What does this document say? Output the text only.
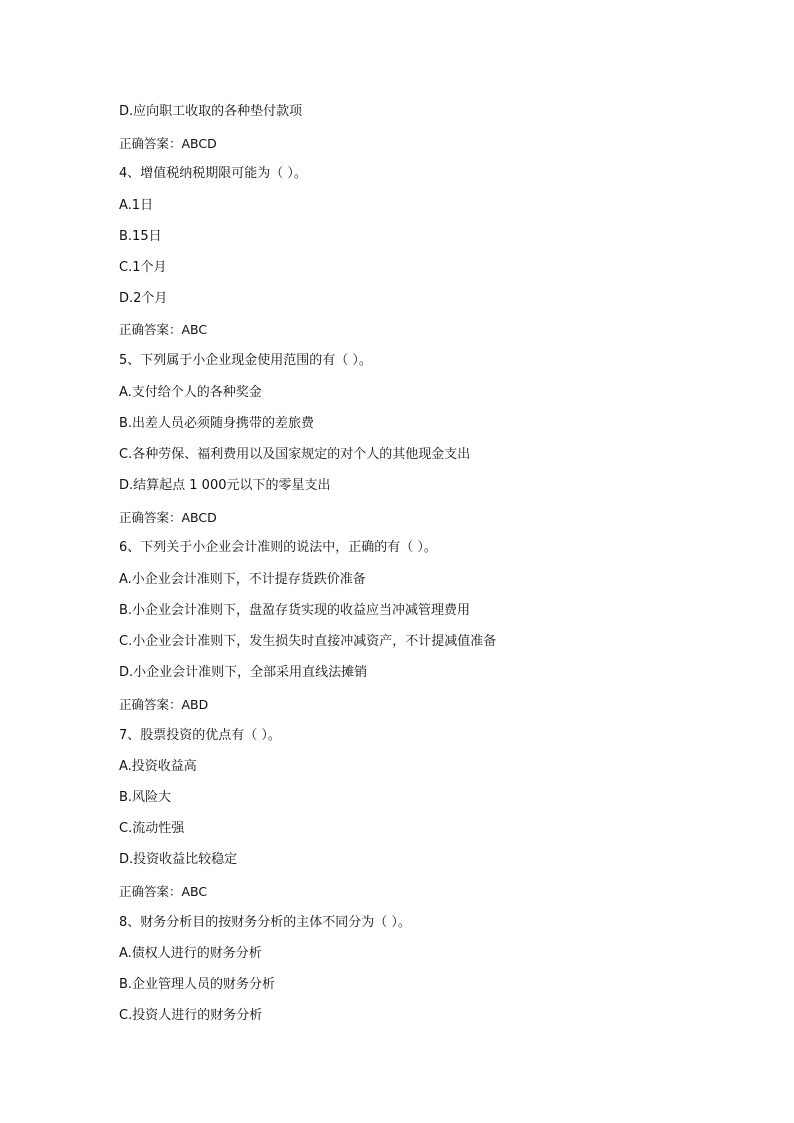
D.应向职工收取的各种垫付款项
正确答案：ABCD
4、增值税纳税期限可能为（ ）。
A.1日
B.15日
C.1个月
D.2个月
正确答案：ABC
5、下列属于小企业现金使用范围的有（ ）。
A.支付给个人的各种奖金
B.出差人员必须随身携带的差旅费
C.各种劳保、福利费用以及国家规定的对个人的其他现金支出
D.结算起点 1 000元以下的零星支出
正确答案：ABCD
6、下列关于小企业会计准则的说法中，正确的有（ ）。
A.小企业会计准则下，不计提存货跌价准备
B.小企业会计准则下，盘盈存货实现的收益应当冲减管理费用
C.小企业会计准则下，发生损失时直接冲减资产，不计提减值准备
D.小企业会计准则下，全部采用直线法摊销
正确答案：ABD
7、股票投资的优点有（ ）。
A.投资收益高
B.风险大
C.流动性强
D.投资收益比较稳定
正确答案：ABC
8、财务分析目的按财务分析的主体不同分为（ ）。
A.债权人进行的财务分析
B.企业管理人员的财务分析
C.投资人进行的财务分析
